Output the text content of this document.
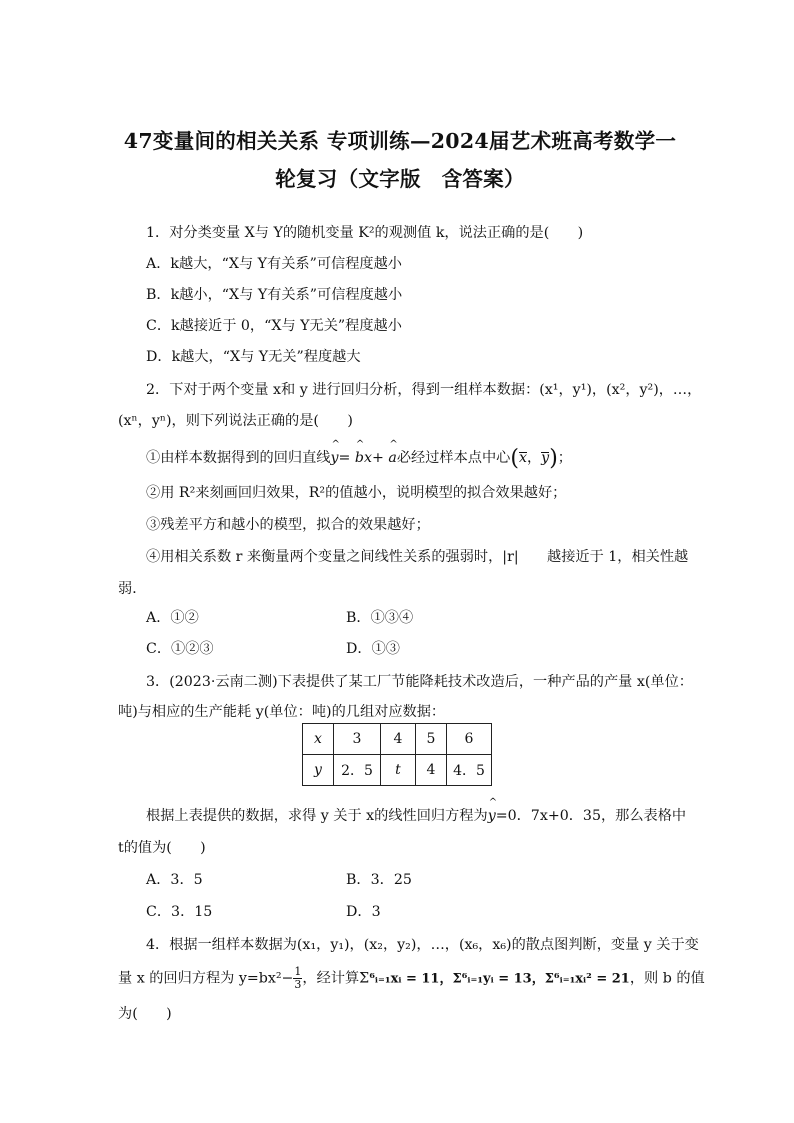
47变量间的相关关系 专项训练—2024届艺术班高考数学一
轮复习（文字版　含答案）
1．对分类变量 X与 Y的随机变量 K²的观测值 k，说法正确的是(　　)
A．k越大，“X与 Y有关系”可信程度越小
B．k越小，“X与 Y有关系”可信程度越小
C．k越接近于 0，“X与 Y无关”程度越小
D．k越大，“X与 Y无关”程度越大
2．下对于两个变量 x和 y 进行回归分析，得到一组样本数据：(x¹，y¹)，(x²，y²)，…，
(xⁿ，yⁿ)，则下列说法正确的是(　　)
①由样本数据得到的回归直线^ y= ^ bx+ ^ a必经过样本点中心(x，y)；
②用 R²来刻画回归效果，R²的值越小，说明模型的拟合效果越好；
③残差平方和越小的模型，拟合的效果越好；
④用相关系数 r 来衡量两个变量之间线性关系的强弱时，|r|　　越接近于 1，相关性越
弱．
A．①②	B．①③④
C．①②③	D．①③
3．(2023·云南二测)下表提供了某工厂节能降耗技术改造后，一种产品的产量 x(单位：
吨)与相应的生产能耗 y(单位：吨)的几组对应数据：
x	3	4	5	6
y	2．5	t	4	4．5
根据上表提供的数据，求得 y 关于 x的线性回归方程为^ y=0．7x+0．35，那么表格中
t的值为(　　)
A．3．5	B．3．25
C．3．15	D．3
4．根据一组样本数据为(x₁，y₁)，(x₂，y₂)，…，(x₆，x₆)的散点图判断，变量 y 关于变
量 x 的回归方程为 $y=bx^2- \frac{1}{3}$ ，经计算Σ⁶ᵢ₌₁xᵢ = 11，Σ⁶ᵢ₌₁yᵢ = 13，Σ⁶ᵢ₌₁xᵢ² = 21，则 b 的值
为(　　)
